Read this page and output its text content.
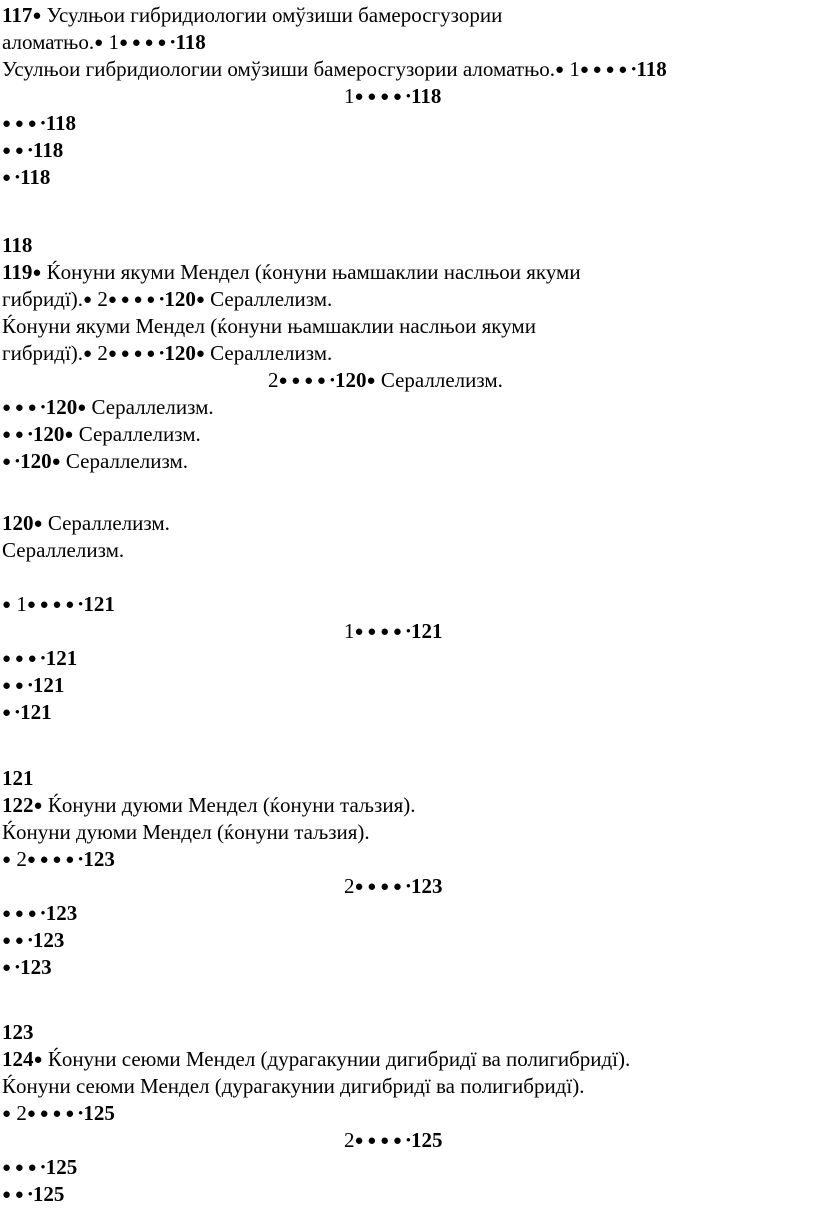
117● Усулњои гибридиологии омўзиши бамеросгузории
аломатњо.● 1● ● ● ● •118
Усулњои гибридиологии омўзиши бамеросгузории аломатњо.● 1● ● ● ● •118
1● ● ● ● •118
● ● ● •118
● ● •118
● •118
118
119● Ќонуни якуми Мендел (ќонуни њамшаклии наслњои якуми
гибридї).● 2● ● ● ● •120● Сераллелизм.
Ќонуни якуми Мендел (ќонуни њамшаклии наслњои якуми
гибридї).● 2● ● ● ● •120● Сераллелизм.
2● ● ● ● •120● Сераллелизм.
● ● ● •120● Сераллелизм.
● ● •120● Сераллелизм.
● •120● Сераллелизм.
120● Сераллелизм.
Сераллелизм.
● 1● ● ● ● •121
1● ● ● ● •121
● ● ● •121
● ● •121
● •121
121
122● Ќонуни дуюми Мендел (ќонуни таљзия).
Ќонуни дуюми Мендел (ќонуни таљзия).
● 2● ● ● ● •123
2● ● ● ● •123
● ● ● •123
● ● •123
● •123
123
124● Ќонуни сеюми Мендел (дурагакунии дигибридї ва полигибридї).
Ќонуни сеюми Мендел (дурагакунии дигибридї ва полигибридї).
● 2● ● ● ● •125
2● ● ● ● •125
● ● ● •125
● ● •125
